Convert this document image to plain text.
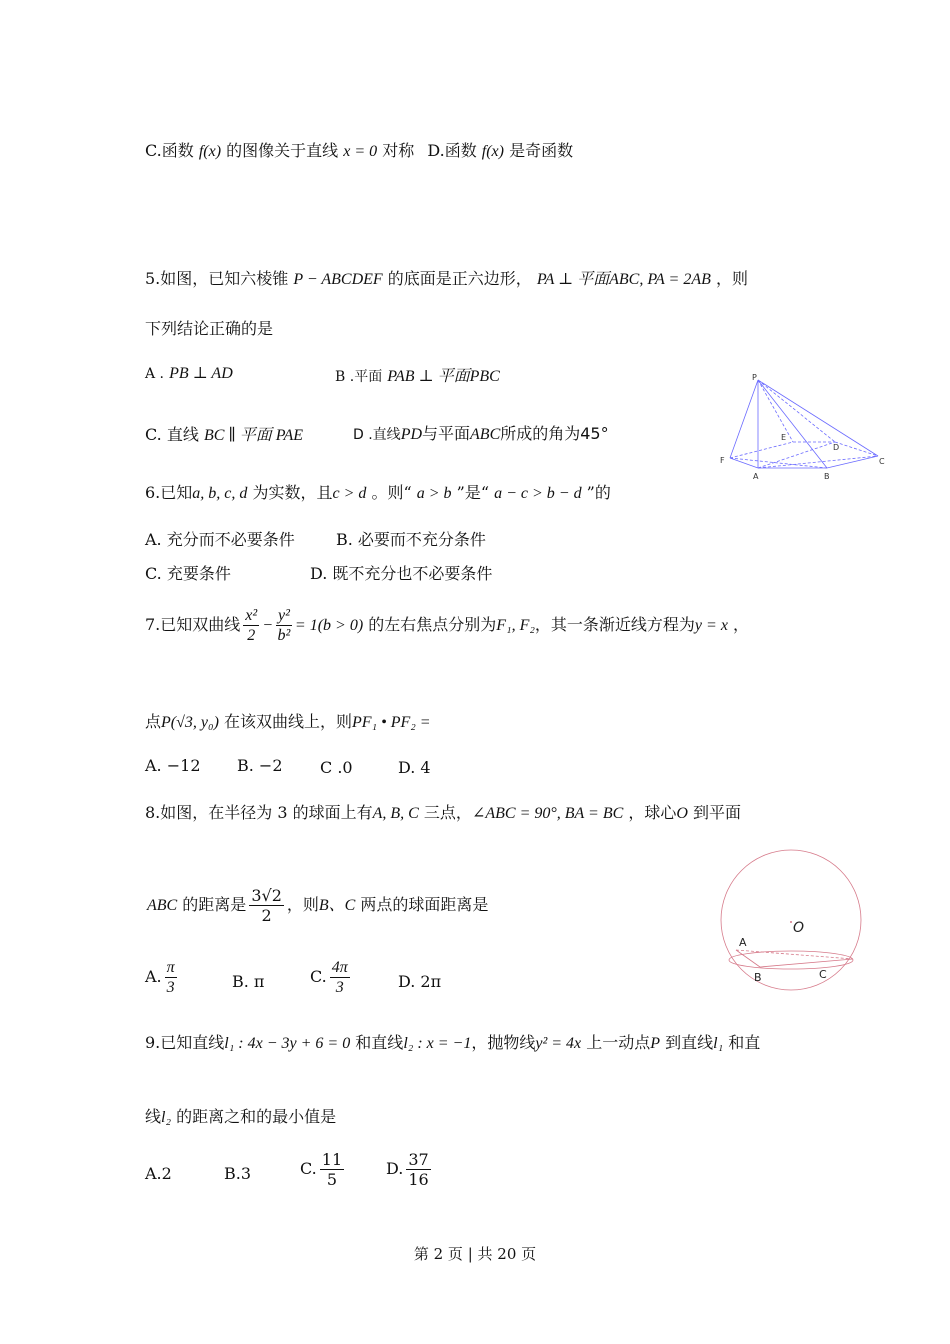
C.函数 f(x) 的图像关于直线 x = 0 对称 D.函数 f(x) 是奇函数
5.如图，已知六棱锥 P − ABCDEF 的底面是正六边形， PA ⊥ 平面ABC, PA = 2AB ，则
下列结论正确的是
A . PB ⊥ AD	B .平面 PAB ⊥ 平面PBC
C. 直线 BC ∥ 平面 PAE	D .直线PD与平面ABC所成的角为45°
P
E
D
F	C
A	B
6.已知a, b, c, d 为实数，且c > d 。则“ a > b ”是“ a − c > b − d ”的
A. 充分而不必要条件	B. 必要而不充分条件
C. 充要条件	D. 既不充分也不必要条件
7.已知双曲线 $\frac{\text{x²}}{2} - \frac{\text{y²}}{\text{b²}} = 1(b > 0)$ 的左右焦点分别为F₁, F₂，其一条渐近线方程为y = x ，
点P(√3, y₀) 在该双曲线上，则PF₁ • PF₂ =
A. −12 B. −2 C .0	D. 4
8.如图，在半径为 3 的球面上有A, B, C 三点，∠ABC = 90°, BA = BC ，球心O 到平面
ABC 的距离是 $\frac{3√2}{2}$ ，则B、C 两点的球面距离是
A. $\frac{\pi}{3}$	B. π	C. $\frac{4\pi}{3}$	D. 2π
O
A
B	C
9.已知直线l₁ : 4x − 3y + 6 = 0 和直线l₂ : x = −1，抛物线y² = 4x 上一动点P 到直线l₁ 和直
线l₂ 的距离之和的最小值是
A.2	B.3	C. $\frac{11}{5}$	D. $\frac{37}{16}$
第 2 页 | 共 20 页
